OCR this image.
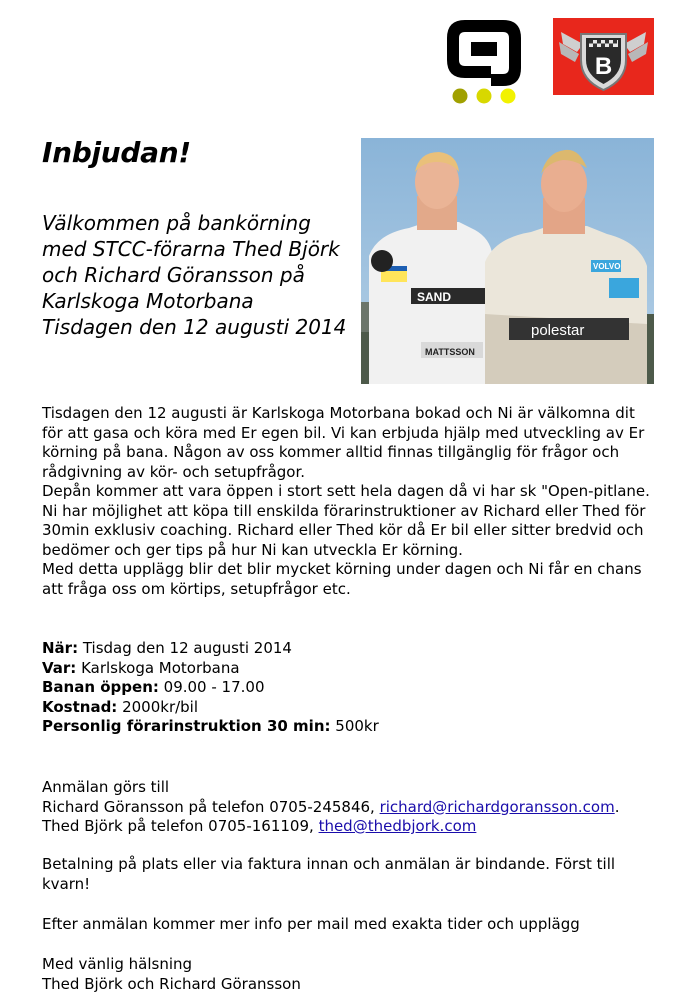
B
Inbjudan!
Välkommen på bankörning
med STCC-förarna Thed Björk
och Richard Göransson på
Karlskoga Motorbana
Tisdagen den 12 augusti 2014
SAND
MATTSSON
polestar
VOLVO

Tisdagen den 12 augusti är Karlskoga Motorbana bokad och Ni är välkomna dit för att gasa och köra med Er egen bil. Vi kan erbjuda hjälp med utveckling av Er körning på bana. Någon av oss kommer alltid finnas tillgänglig för frågor och rådgivning av kör- och setupfrågor.

Depån kommer att vara öppen i stort sett hela dagen då vi har sk "Open-pitlane. Ni har möjlighet att köpa till enskilda förarinstruktioner av Richard eller Thed för 30min exklusiv coaching. Richard eller Thed kör då Er bil eller sitter bredvid och bedömer och ger tips på hur Ni kan utveckla Er körning.

Med detta upplägg blir det blir mycket körning under dagen och Ni får en chans att fråga oss om körtips, setupfrågor etc.

När: Tisdag den 12 augusti 2014
Var: Karlskoga Motorbana
Banan öppen: 09.00 - 17.00
Kostnad: 2000kr/bil
Personlig förarinstruktion 30 min: 500kr
Anmälan görs till
Richard Göransson på telefon 0705-245846, richard@richardgoransson.com.
Thed Björk på telefon 0705-161109, thed@thedbjork.com
Betalning på plats eller via faktura innan och anmälan är bindande. Först till kvarn!
Efter anmälan kommer mer info per mail med exakta tider och upplägg
Med vänlig hälsning
Thed Björk och Richard Göransson
